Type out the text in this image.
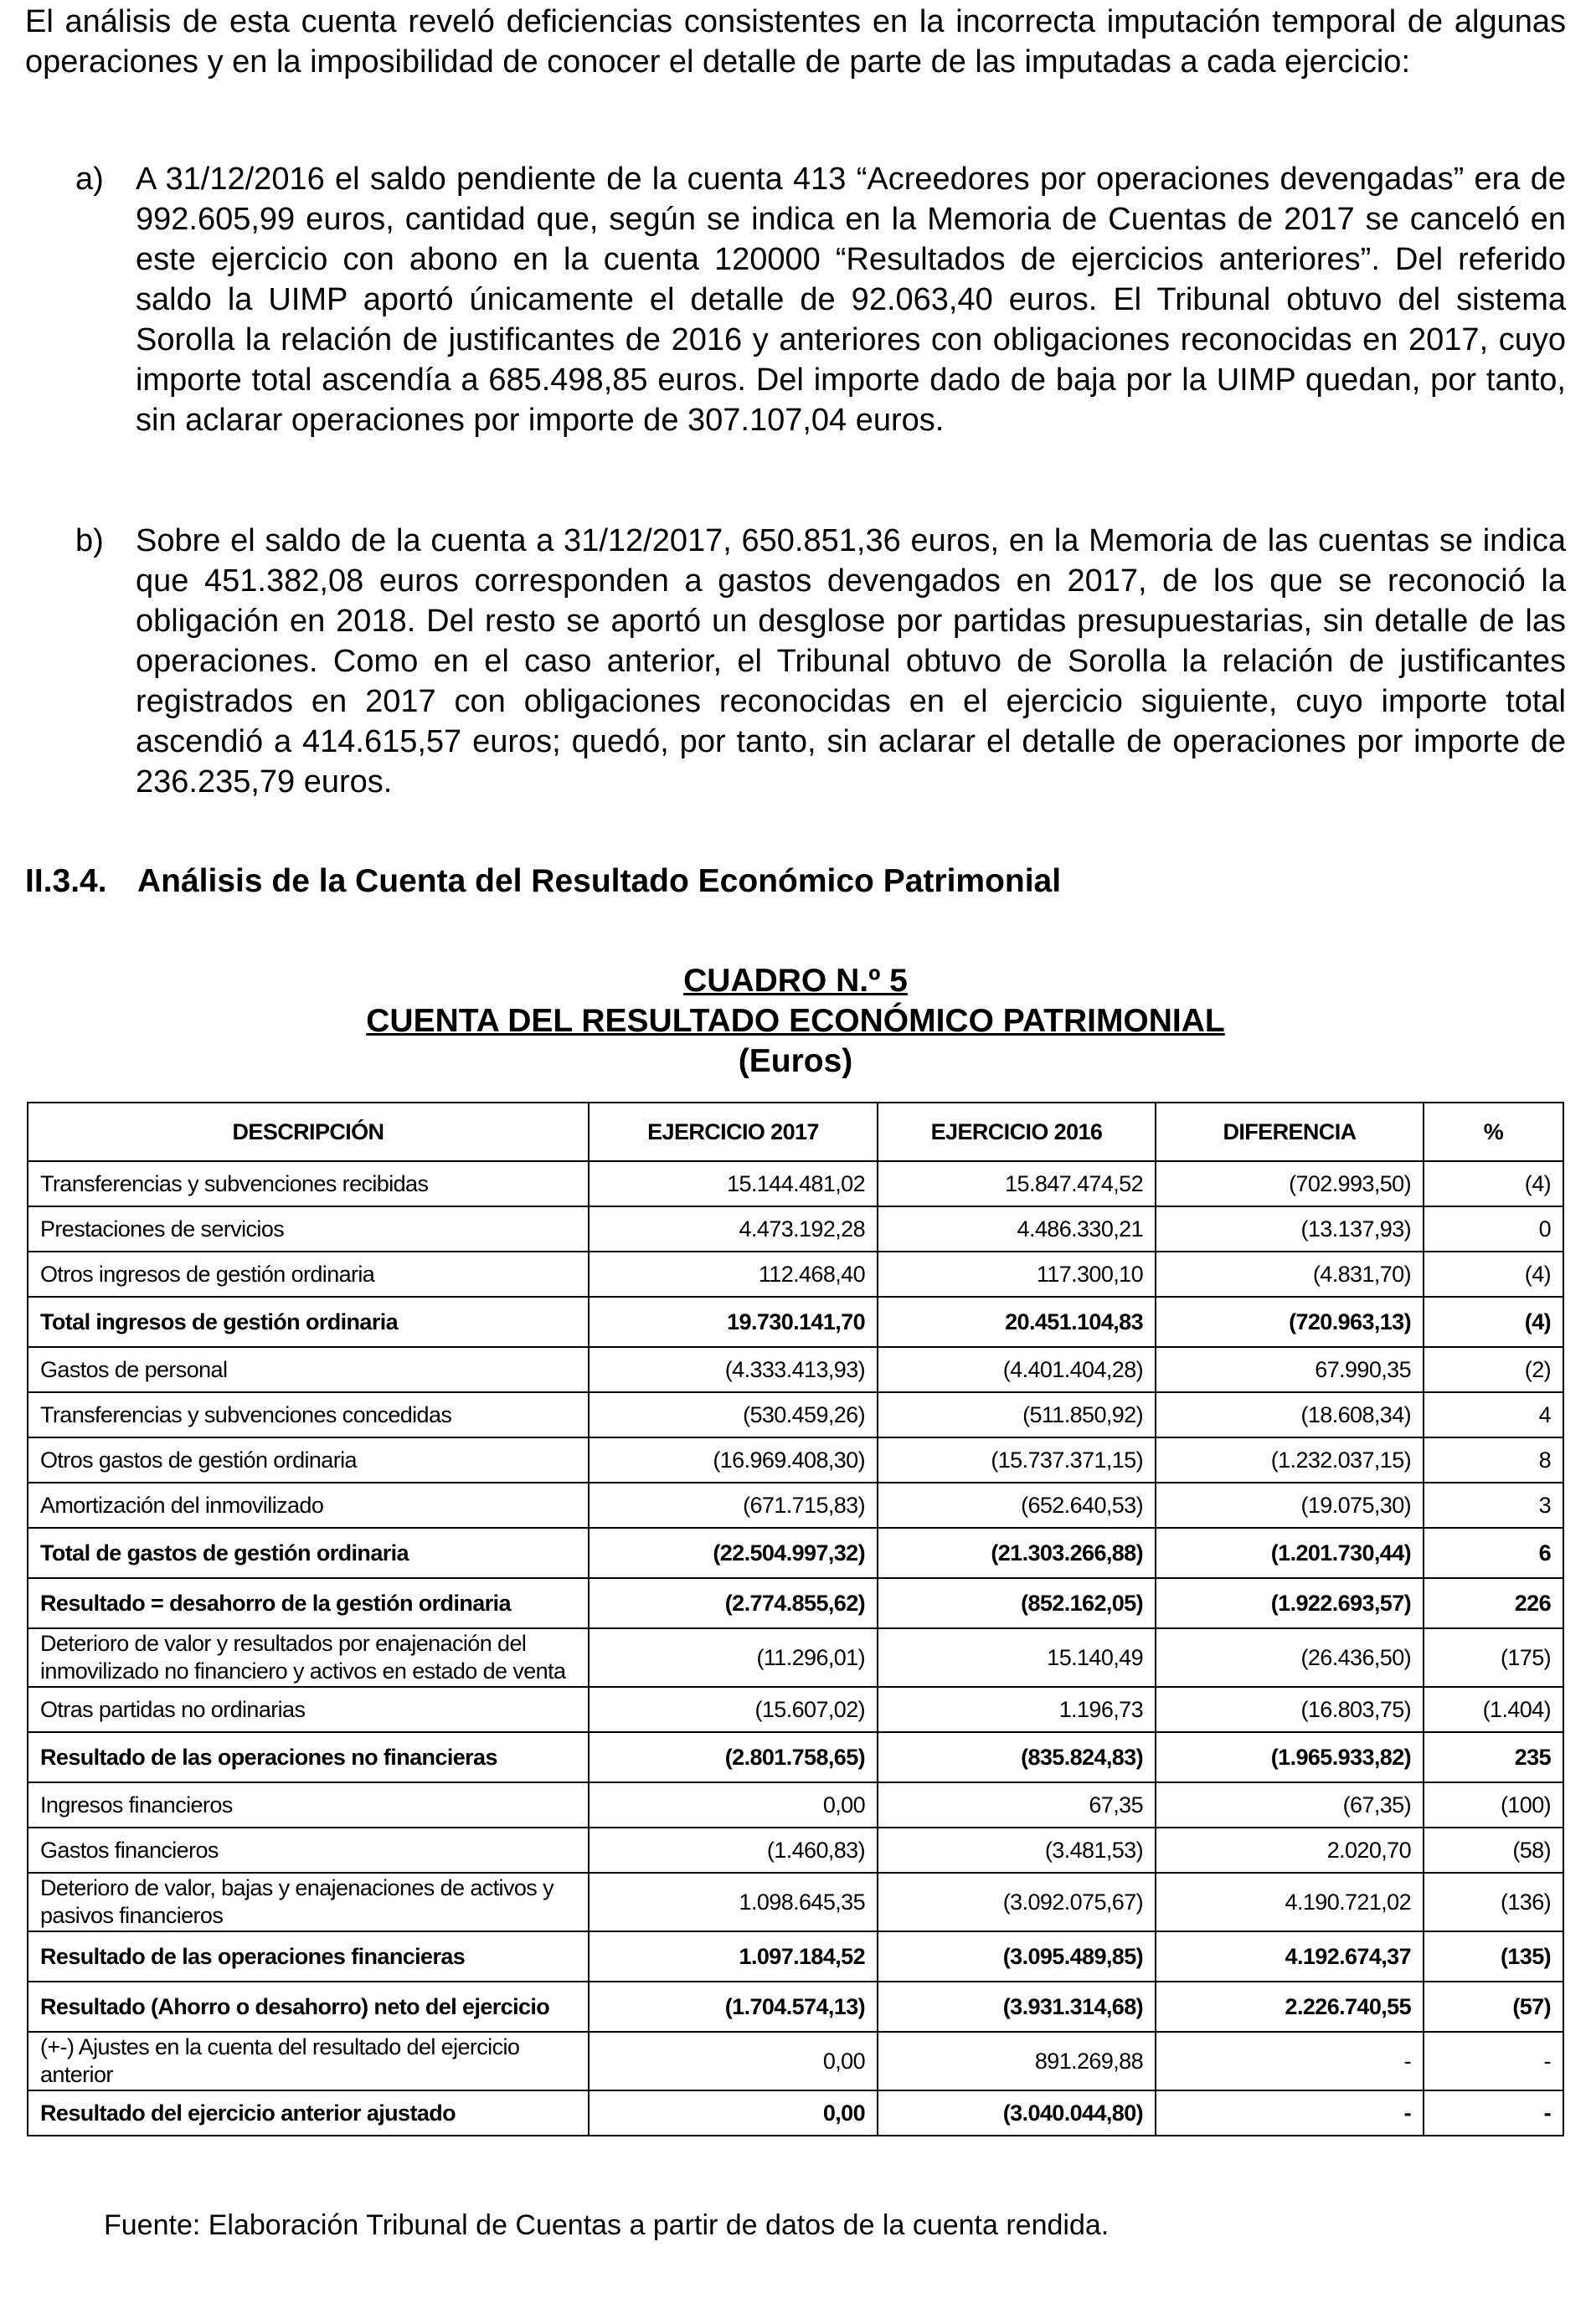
El análisis de esta cuenta reveló deficiencias consistentes en la incorrecta imputación temporal de algunas operaciones y en la imposibilidad de conocer el detalle de parte de las imputadas a cada ejercicio:

a) A 31/12/2016 el saldo pendiente de la cuenta 413 “Acreedores por operaciones devengadas” era de 992.605,99 euros, cantidad que, según se indica en la Memoria de Cuentas de 2017 se canceló en este ejercicio con abono en la cuenta 120000 “Resultados de ejercicios anteriores”. Del referido saldo la UIMP aportó únicamente el detalle de 92.063,40 euros. El Tribunal obtuvo del sistema Sorolla la relación de justificantes de 2016 y anteriores con obligaciones reconocidas en 2017, cuyo importe total ascendía a 685.498,85 euros. Del importe dado de baja por la UIMP quedan, por tanto, sin aclarar operaciones por importe de 307.107,04 euros.

b) Sobre el saldo de la cuenta a 31/12/2017, 650.851,36 euros, en la Memoria de las cuentas se indica que 451.382,08 euros corresponden a gastos devengados en 2017, de los que se reconoció la obligación en 2018. Del resto se aportó un desglose por partidas presupuestarias, sin detalle de las operaciones. Como en el caso anterior, el Tribunal obtuvo de Sorolla la relación de justificantes registrados en 2017 con obligaciones reconocidas en el ejercicio siguiente, cuyo importe total ascendió a 414.615,57 euros; quedó, por tanto, sin aclarar el detalle de operaciones por importe de 236.235,79 euros.

II.3.4. Análisis de la Cuenta del Resultado Económico Patrimonial
CUADRO N.º 5
CUENTA DEL RESULTADO ECONÓMICO PATRIMONIAL
(Euros)
DESCRIPCIÓN	EJERCICIO 2017	EJERCICIO 2016	DIFERENCIA	%
Transferencias y subvenciones recibidas	15.144.481,02	15.847.474,52	(702.993,50)	(4)
Prestaciones de servicios	4.473.192,28	4.486.330,21	(13.137,93)	0
Otros ingresos de gestión ordinaria	112.468,40	117.300,10	(4.831,70)	(4)
Total ingresos de gestión ordinaria	19.730.141,70	20.451.104,83	(720.963,13)	(4)
Gastos de personal	(4.333.413,93)	(4.401.404,28)	67.990,35	(2)
Transferencias y subvenciones concedidas	(530.459,26)	(511.850,92)	(18.608,34)	4
Otros gastos de gestión ordinaria	(16.969.408,30)	(15.737.371,15)	(1.232.037,15)	8
Amortización del inmovilizado	(671.715,83)	(652.640,53)	(19.075,30)	3
Total de gastos de gestión ordinaria	(22.504.997,32)	(21.303.266,88)	(1.201.730,44)	6
Resultado = desahorro de la gestión ordinaria	(2.774.855,62)	(852.162,05)	(1.922.693,57)	226
Deterioro de valor y resultados por enajenación del inmovilizado no financiero y activos en estado de venta	(11.296,01)	15.140,49	(26.436,50)	(175)
Otras partidas no ordinarias	(15.607,02)	1.196,73	(16.803,75)	(1.404)
Resultado de las operaciones no financieras	(2.801.758,65)	(835.824,83)	(1.965.933,82)	235
Ingresos financieros	0,00	67,35	(67,35)	(100)
Gastos financieros	(1.460,83)	(3.481,53)	2.020,70	(58)
Deterioro de valor, bajas y enajenaciones de activos y pasivos financieros	1.098.645,35	(3.092.075,67)	4.190.721,02	(136)
Resultado de las operaciones financieras	1.097.184,52	(3.095.489,85)	4.192.674,37	(135)
Resultado (Ahorro o desahorro) neto del ejercicio	(1.704.574,13)	(3.931.314,68)	2.226.740,55	(57)
(+-) Ajustes en la cuenta del resultado del ejercicio anterior	0,00	891.269,88	-	-
Resultado del ejercicio anterior ajustado	0,00	(3.040.044,80)	-	-
Fuente: Elaboración Tribunal de Cuentas a partir de datos de la cuenta rendida.
